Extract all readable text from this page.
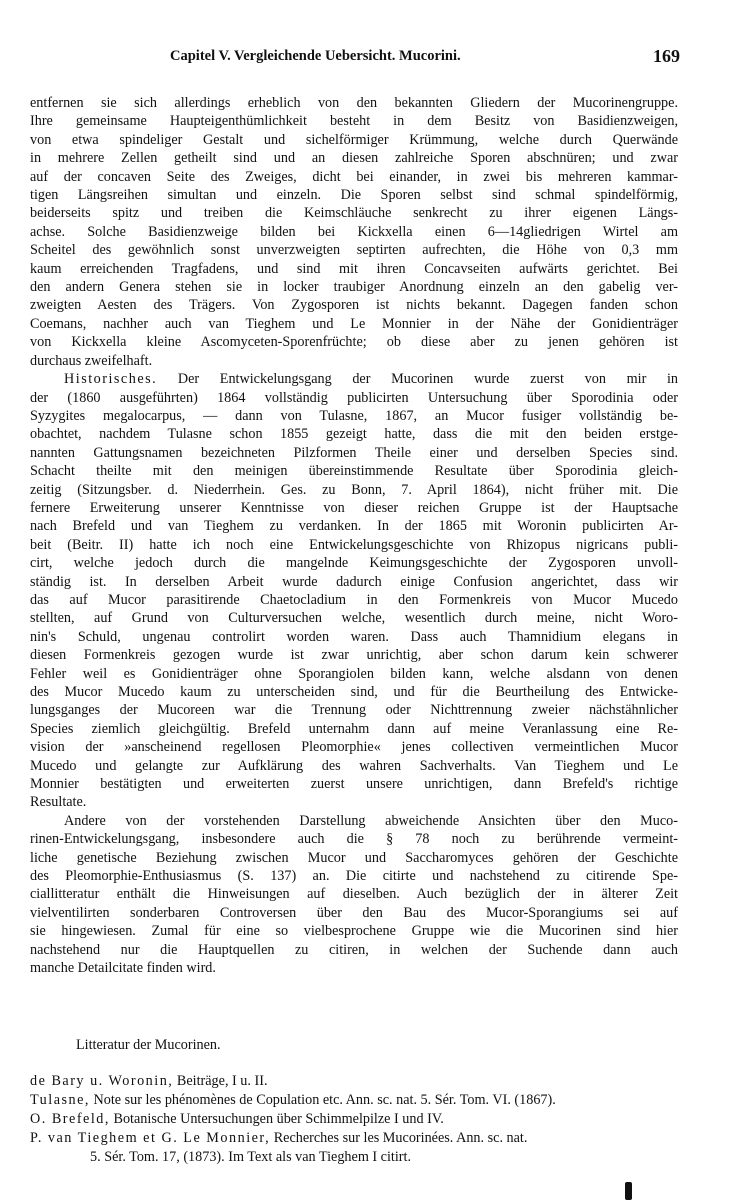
Capitel V. Vergleichende Uebersicht. Mucorini.	169

entfernen sie sich allerdings erheblich von den bekannten Gliedern der Mucorinengruppe.

Ihre gemeinsame Haupteigenthümlichkeit besteht in dem Besitz von Basidienzweigen,

von etwa spindeliger Gestalt und sichelförmiger Krümmung, welche durch Querwände

in mehrere Zellen getheilt sind und an diesen zahlreiche Sporen abschnüren; und zwar

auf der concaven Seite des Zweiges, dicht bei einander, in zwei bis mehreren kammar-

tigen Längsreihen simultan und einzeln. Die Sporen selbst sind schmal spindelförmig,

beiderseits spitz und treiben die Keimschläuche senkrecht zu ihrer eigenen Längs-

achse. Solche Basidienzweige bilden bei Kickxella einen 6—14gliedrigen Wirtel am

Scheitel des gewöhnlich sonst unverzweigten septirten aufrechten, die Höhe von 0,3 mm

kaum erreichenden Tragfadens, und sind mit ihren Concavseiten aufwärts gerichtet. Bei

den andern Genera stehen sie in locker traubiger Anordnung einzeln an den gabelig ver-

zweigten Aesten des Trägers. Von Zygosporen ist nichts bekannt. Dagegen fanden schon

Coemans, nachher auch van Tieghem und Le Monnier in der Nähe der Gonidienträger

von Kickxella kleine Ascomyceten-Sporenfrüchte; ob diese aber zu jenen gehören ist

durchaus zweifelhaft.

Historisches. Der Entwickelungsgang der Mucorinen wurde zuerst von mir in

der (1860 ausgeführten) 1864 vollständig publicirten Untersuchung über Sporodinia oder

Syzygites megalocarpus, — dann von Tulasne, 1867, an Mucor fusiger vollständig be-

obachtet, nachdem Tulasne schon 1855 gezeigt hatte, dass die mit den beiden erstge-

nannten Gattungsnamen bezeichneten Pilzformen Theile einer und derselben Species sind.

Schacht theilte mit den meinigen übereinstimmende Resultate über Sporodinia gleich-

zeitig (Sitzungsber. d. Niederrhein. Ges. zu Bonn, 7. April 1864), nicht früher mit. Die

fernere Erweiterung unserer Kenntnisse von dieser reichen Gruppe ist der Hauptsache

nach Brefeld und van Tieghem zu verdanken. In der 1865 mit Woronin publicirten Ar-

beit (Beitr. II) hatte ich noch eine Entwickelungsgeschichte von Rhizopus nigricans publi-

cirt, welche jedoch durch die mangelnde Keimungsgeschichte der Zygosporen unvoll-

ständig ist. In derselben Arbeit wurde dadurch einige Confusion angerichtet, dass wir

das auf Mucor parasitirende Chaetocladium in den Formenkreis von Mucor Mucedo

stellten, auf Grund von Culturversuchen welche, wesentlich durch meine, nicht Woro-

nin's Schuld, ungenau controlirt worden waren. Dass auch Thamnidium elegans in

diesen Formenkreis gezogen wurde ist zwar unrichtig, aber schon darum kein schwerer

Fehler weil es Gonidienträger ohne Sporangiolen bilden kann, welche alsdann von denen

des Mucor Mucedo kaum zu unterscheiden sind, und für die Beurtheilung des Entwicke-

lungsganges der Mucoreen war die Trennung oder Nichttrennung zweier nächstähnlicher

Species ziemlich gleichgültig. Brefeld unternahm dann auf meine Veranlassung eine Re-

vision der »anscheinend regellosen Pleomorphie« jenes collectiven vermeintlichen Mucor

Mucedo und gelangte zur Aufklärung des wahren Sachverhalts. Van Tieghem und Le

Monnier bestätigten und erweiterten zuerst unsere unrichtigen, dann Brefeld's richtige

Resultate.

Andere von der vorstehenden Darstellung abweichende Ansichten über den Muco-

rinen-Entwickelungsgang, insbesondere auch die § 78 noch zu berührende vermeint-

liche genetische Beziehung zwischen Mucor und Saccharomyces gehören der Geschichte

des Pleomorphie-Enthusiasmus (S. 137) an. Die citirte und nachstehend zu citirende Spe-

ciallitteratur enthält die Hinweisungen auf dieselben. Auch bezüglich der in älterer Zeit

vielventilirten sonderbaren Controversen über den Bau des Mucor-Sporangiums sei auf

sie hingewiesen. Zumal für eine so vielbesprochene Gruppe wie die Mucorinen sind hier

nachstehend nur die Hauptquellen zu citiren, in welchen der Suchende dann auch

manche Detailcitate finden wird.

Litteratur der Mucorinen.

de Bary u. Woronin, Beiträge, I u. II.

Tulasne, Note sur les phénomènes de Copulation etc. Ann. sc. nat. 5. Sér. Tom. VI. (1867).

O. Brefeld, Botanische Untersuchungen über Schimmelpilze I und IV.

P. van Tieghem et G. Le Monnier, Recherches sur les Mucorinées. Ann. sc. nat.

5. Sér. Tom. 17, (1873). Im Text als van Tieghem I citirt.
